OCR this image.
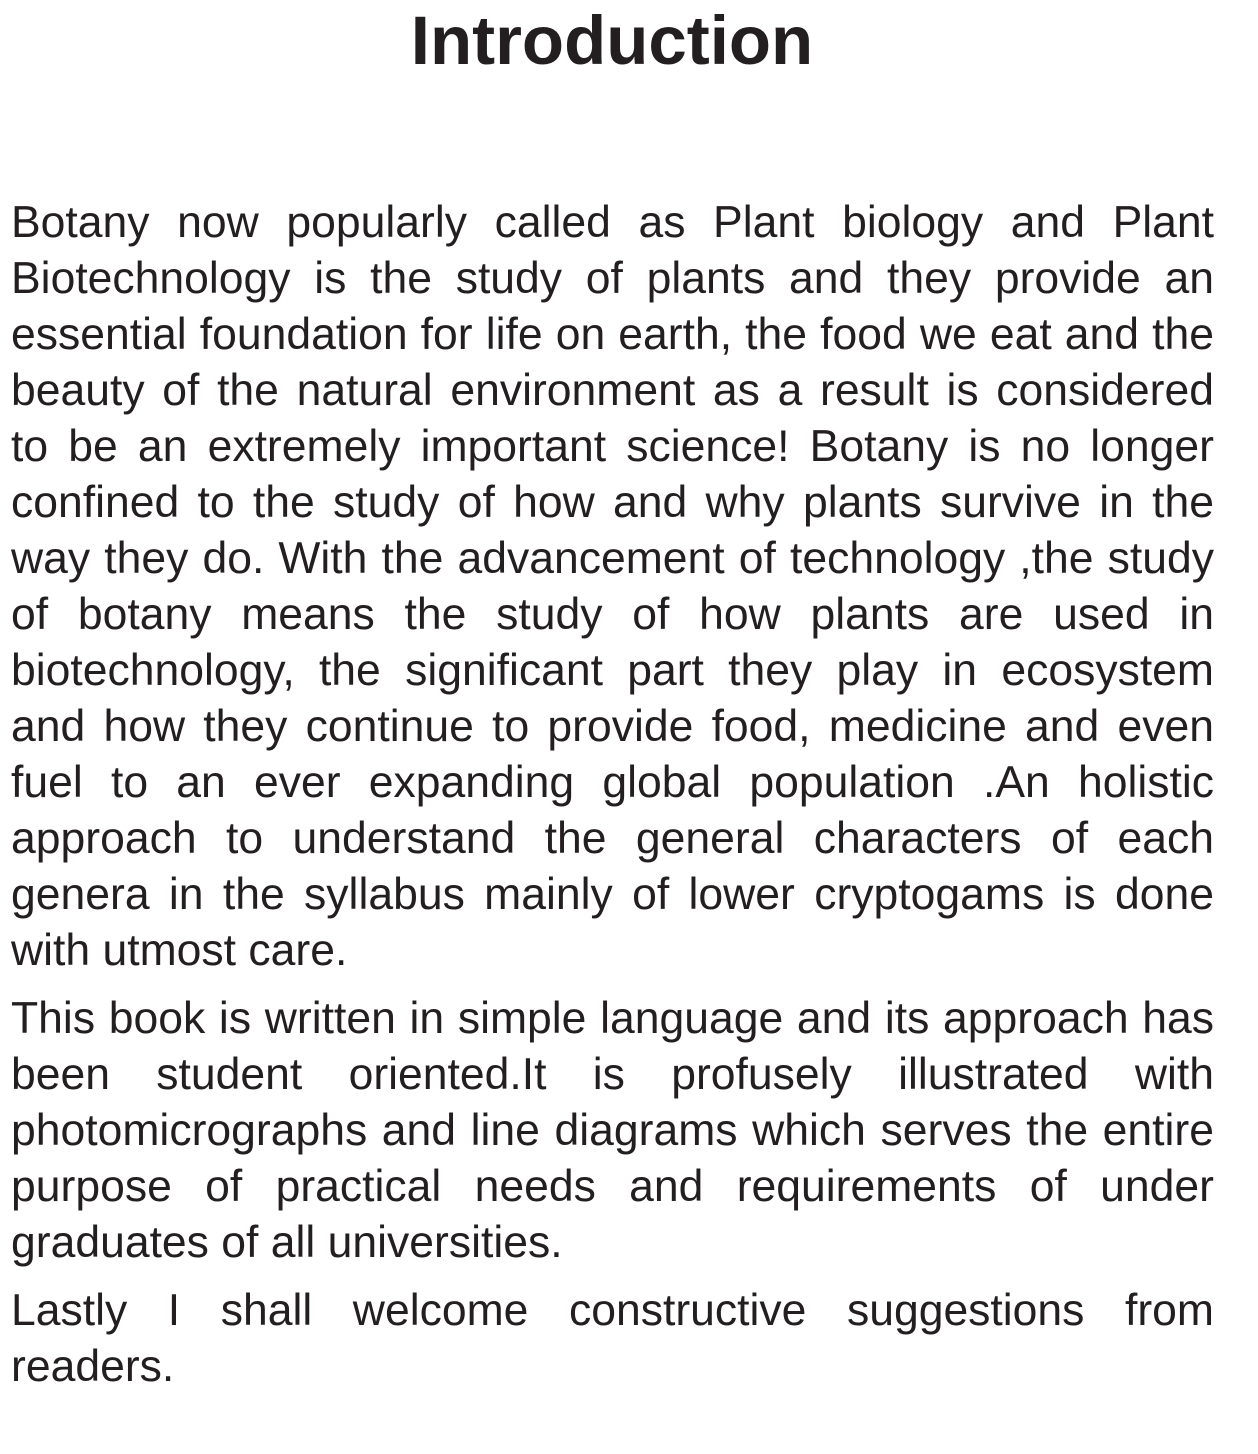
Introduction

Botany now popularly called as Plant biology and Plant Biotechnology is the study of plants and they provide an essential foundation for life on earth, the food we eat and the beauty of the natural environment as a result is considered to be an extremely important science! Botany is no longer confined to the study of how and why plants survive in the way they do. With the advancement of technology ,the study of botany means the study of how plants are used in biotechnology, the significant part they play in ecosystem and how they continue to provide food, medicine and even fuel to an ever expanding global population .An holistic approach to understand the general characters of each genera in the syllabus mainly of lower cryptogams is done with utmost care.

This book is written in simple language and its approach has been student oriented.It is profusely illustrated with photomicrographs and line diagrams which serves the entire purpose of practical needs and requirements of under graduates of all universities.

Lastly I shall welcome constructive suggestions from readers.
